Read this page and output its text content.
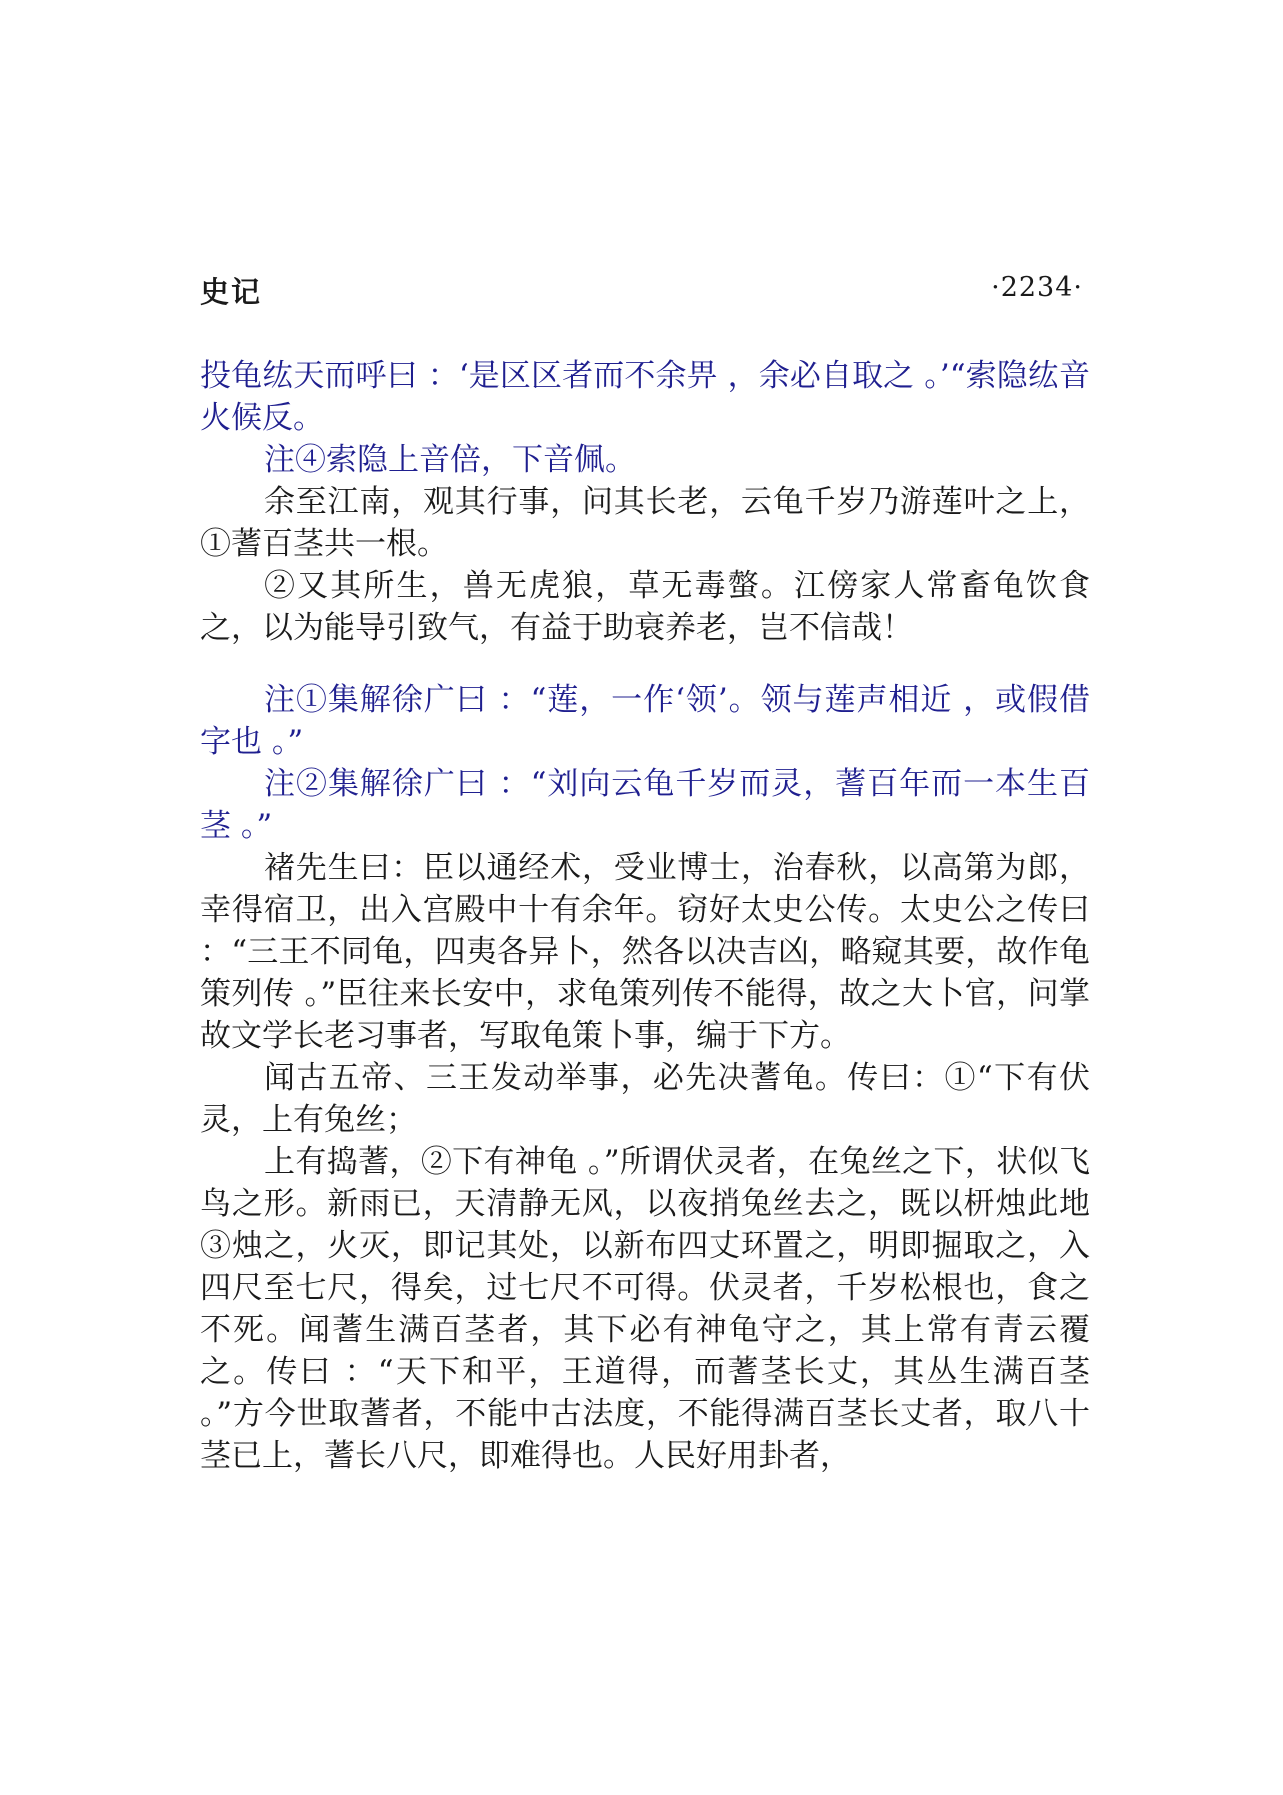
史记	·2234·

投龟纮天而呼曰 ：‘是区区者而不余畀 ，余必自取之 。’“索隐纮音火候反。

注④索隐上音倍，下音佩。

余至江南，观其行事，问其长老，云龟千岁乃游莲叶之上，①蓍百茎共一根。

②又其所生，兽无虎狼，草无毒螫。江傍家人常畜龟饮食之，以为能导引致气，有益于助衰养老，岂不信哉！

注①集解徐广曰 ：“莲，一作‘领’。领与莲声相近 ，或假借字也 。”

注②集解徐广曰 ：“刘向云龟千岁而灵，蓍百年而一本生百茎 。”

褚先生曰：臣以通经术，受业博士，治春秋，以高第为郎，幸得宿卫，出入宫殿中十有余年。窃好太史公传。太史公之传曰 ：“三王不同龟，四夷各异卜，然各以决吉凶，略窥其要，故作龟策列传 。”臣往来长安中，求龟策列传不能得，故之大卜官，问掌故文学长老习事者，写取龟策卜事，编于下方。

闻古五帝、三王发动举事，必先决蓍龟。传曰：①“下有伏灵，上有兔丝；

上有捣蓍，②下有神龟 。”所谓伏灵者，在兔丝之下，状似飞鸟之形。新雨已，天清静无风，以夜捎兔丝去之，既以枅烛此地③烛之，火灭，即记其处，以新布四丈环置之，明即掘取之，入四尺至七尺，得矣，过七尺不可得。伏灵者，千岁松根也，食之不死。闻蓍生满百茎者，其下必有神龟守之，其上常有青云覆之。传曰 ：“天下和平，王道得，而蓍茎长丈，其丛生满百茎 。”方今世取蓍者，不能中古法度，不能得满百茎长丈者，取八十茎已上，蓍长八尺，即难得也。人民好用卦者，
